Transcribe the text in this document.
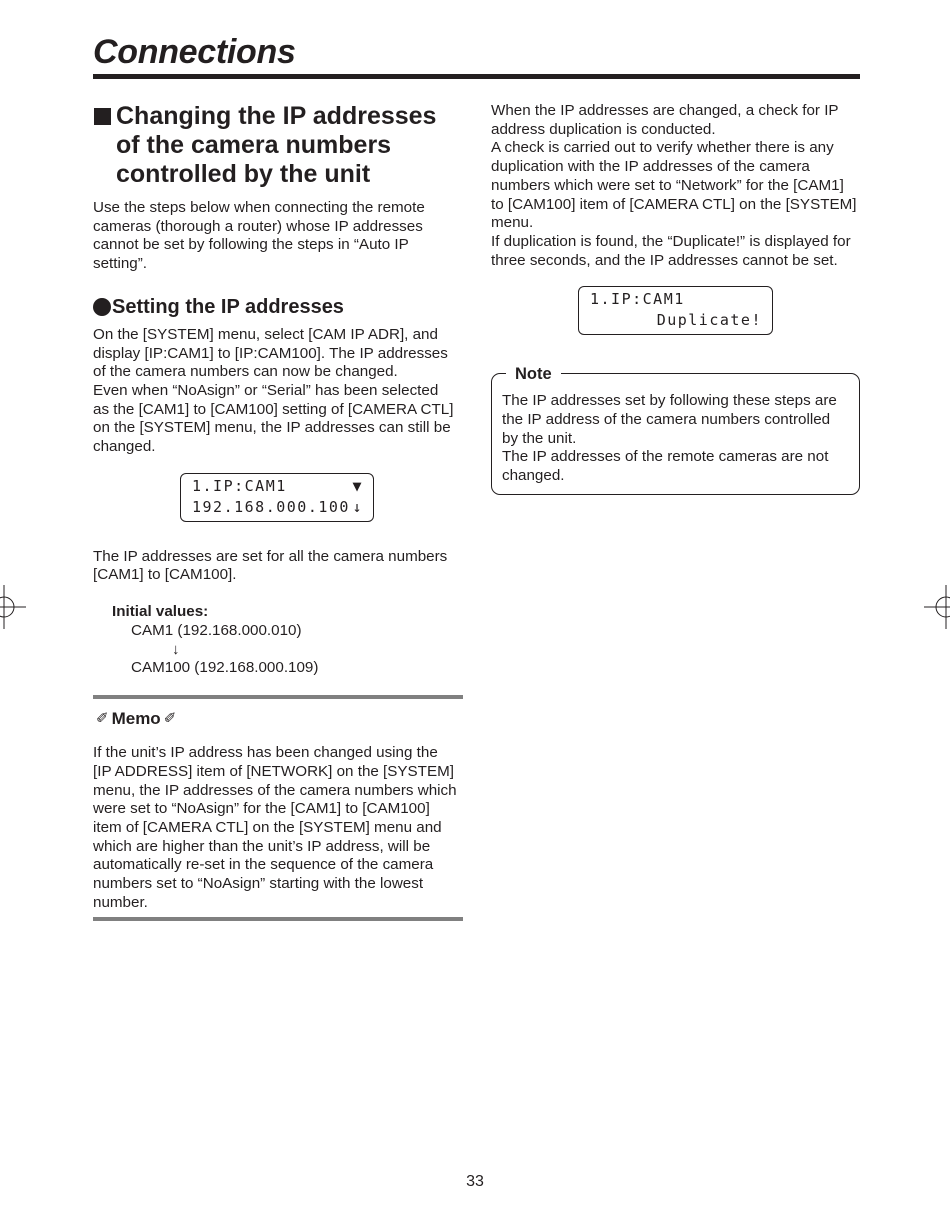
Connections
Changing the IP addresses
of the camera numbers
controlled by the unit

Use the steps below when connecting the remote
cameras (thorough a router) whose IP addresses
cannot be set by following the steps in “Auto IP
setting”.

Setting the IP addresses

On the [SYSTEM] menu, select [CAM IP ADR], and
display [IP:CAM1] to [IP:CAM100]. The IP addresses
of the camera numbers can now be changed.
Even when “NoAsign” or “Serial” has been selected
as the [CAM1] to [CAM100] setting of [CAMERA CTL]
on the [SYSTEM] menu, the IP addresses can still be
changed.

1.IP:CAM1	▼
192.168.000.100 ↓

The IP addresses are set for all the camera numbers
[CAM1] to [CAM100].

Initial values:
CAM1 (192.168.000.010)
↓
CAM100 (192.168.000.109)
✐ Memo ✐

If the unit’s IP address has been changed using the
[IP ADDRESS] item of [NETWORK] on the [SYSTEM]
menu, the IP addresses of the camera numbers which
were set to “NoAsign” for the [CAM1] to [CAM100]
item of [CAMERA CTL] on the [SYSTEM] menu and
which are higher than the unit’s IP address, will be
automatically re-set in the sequence of the camera
numbers set to “NoAsign” starting with the lowest
number.

When the IP addresses are changed, a check for IP
address duplication is conducted.
A check is carried out to verify whether there is any
duplication with the IP addresses of the camera
numbers which were set to “Network” for the [CAM1]
to [CAM100] item of [CAMERA CTL] on the [SYSTEM]
menu.
If duplication is found, the “Duplicate!” is displayed for
three seconds, and the IP addresses cannot be set.

1.IP:CAM1
Duplicate!
Note

The IP addresses set by following these steps are
the IP address of the camera numbers controlled
by the unit.
The IP addresses of the remote cameras are not
changed.

33
